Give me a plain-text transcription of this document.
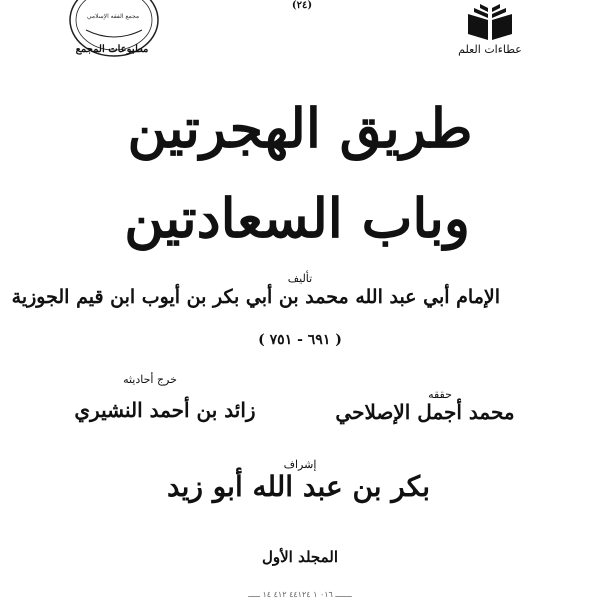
عطاءات العلم
مجمع الفقه الإسلامي
مطبوعات المجمع
(٢٤)
طريق الهجرتين
وباب السعادتين
تأليف
الإمام أبي عبد الله محمد بن أبي بكر بن أيوب ابن قيم الجوزية
( ٦٩١ - ٧٥١ )
حققه
محمد أجمل الإصلاحي
خرج أحاديثه
زائد بن أحمد النشيري
إشراف
بكر بن عبد الله أبو زيد
المجلد الأول
ـــــــ ٠١٦ ١ ٤٤١٢٤ ٤١٢ ١٤ ـــــ
